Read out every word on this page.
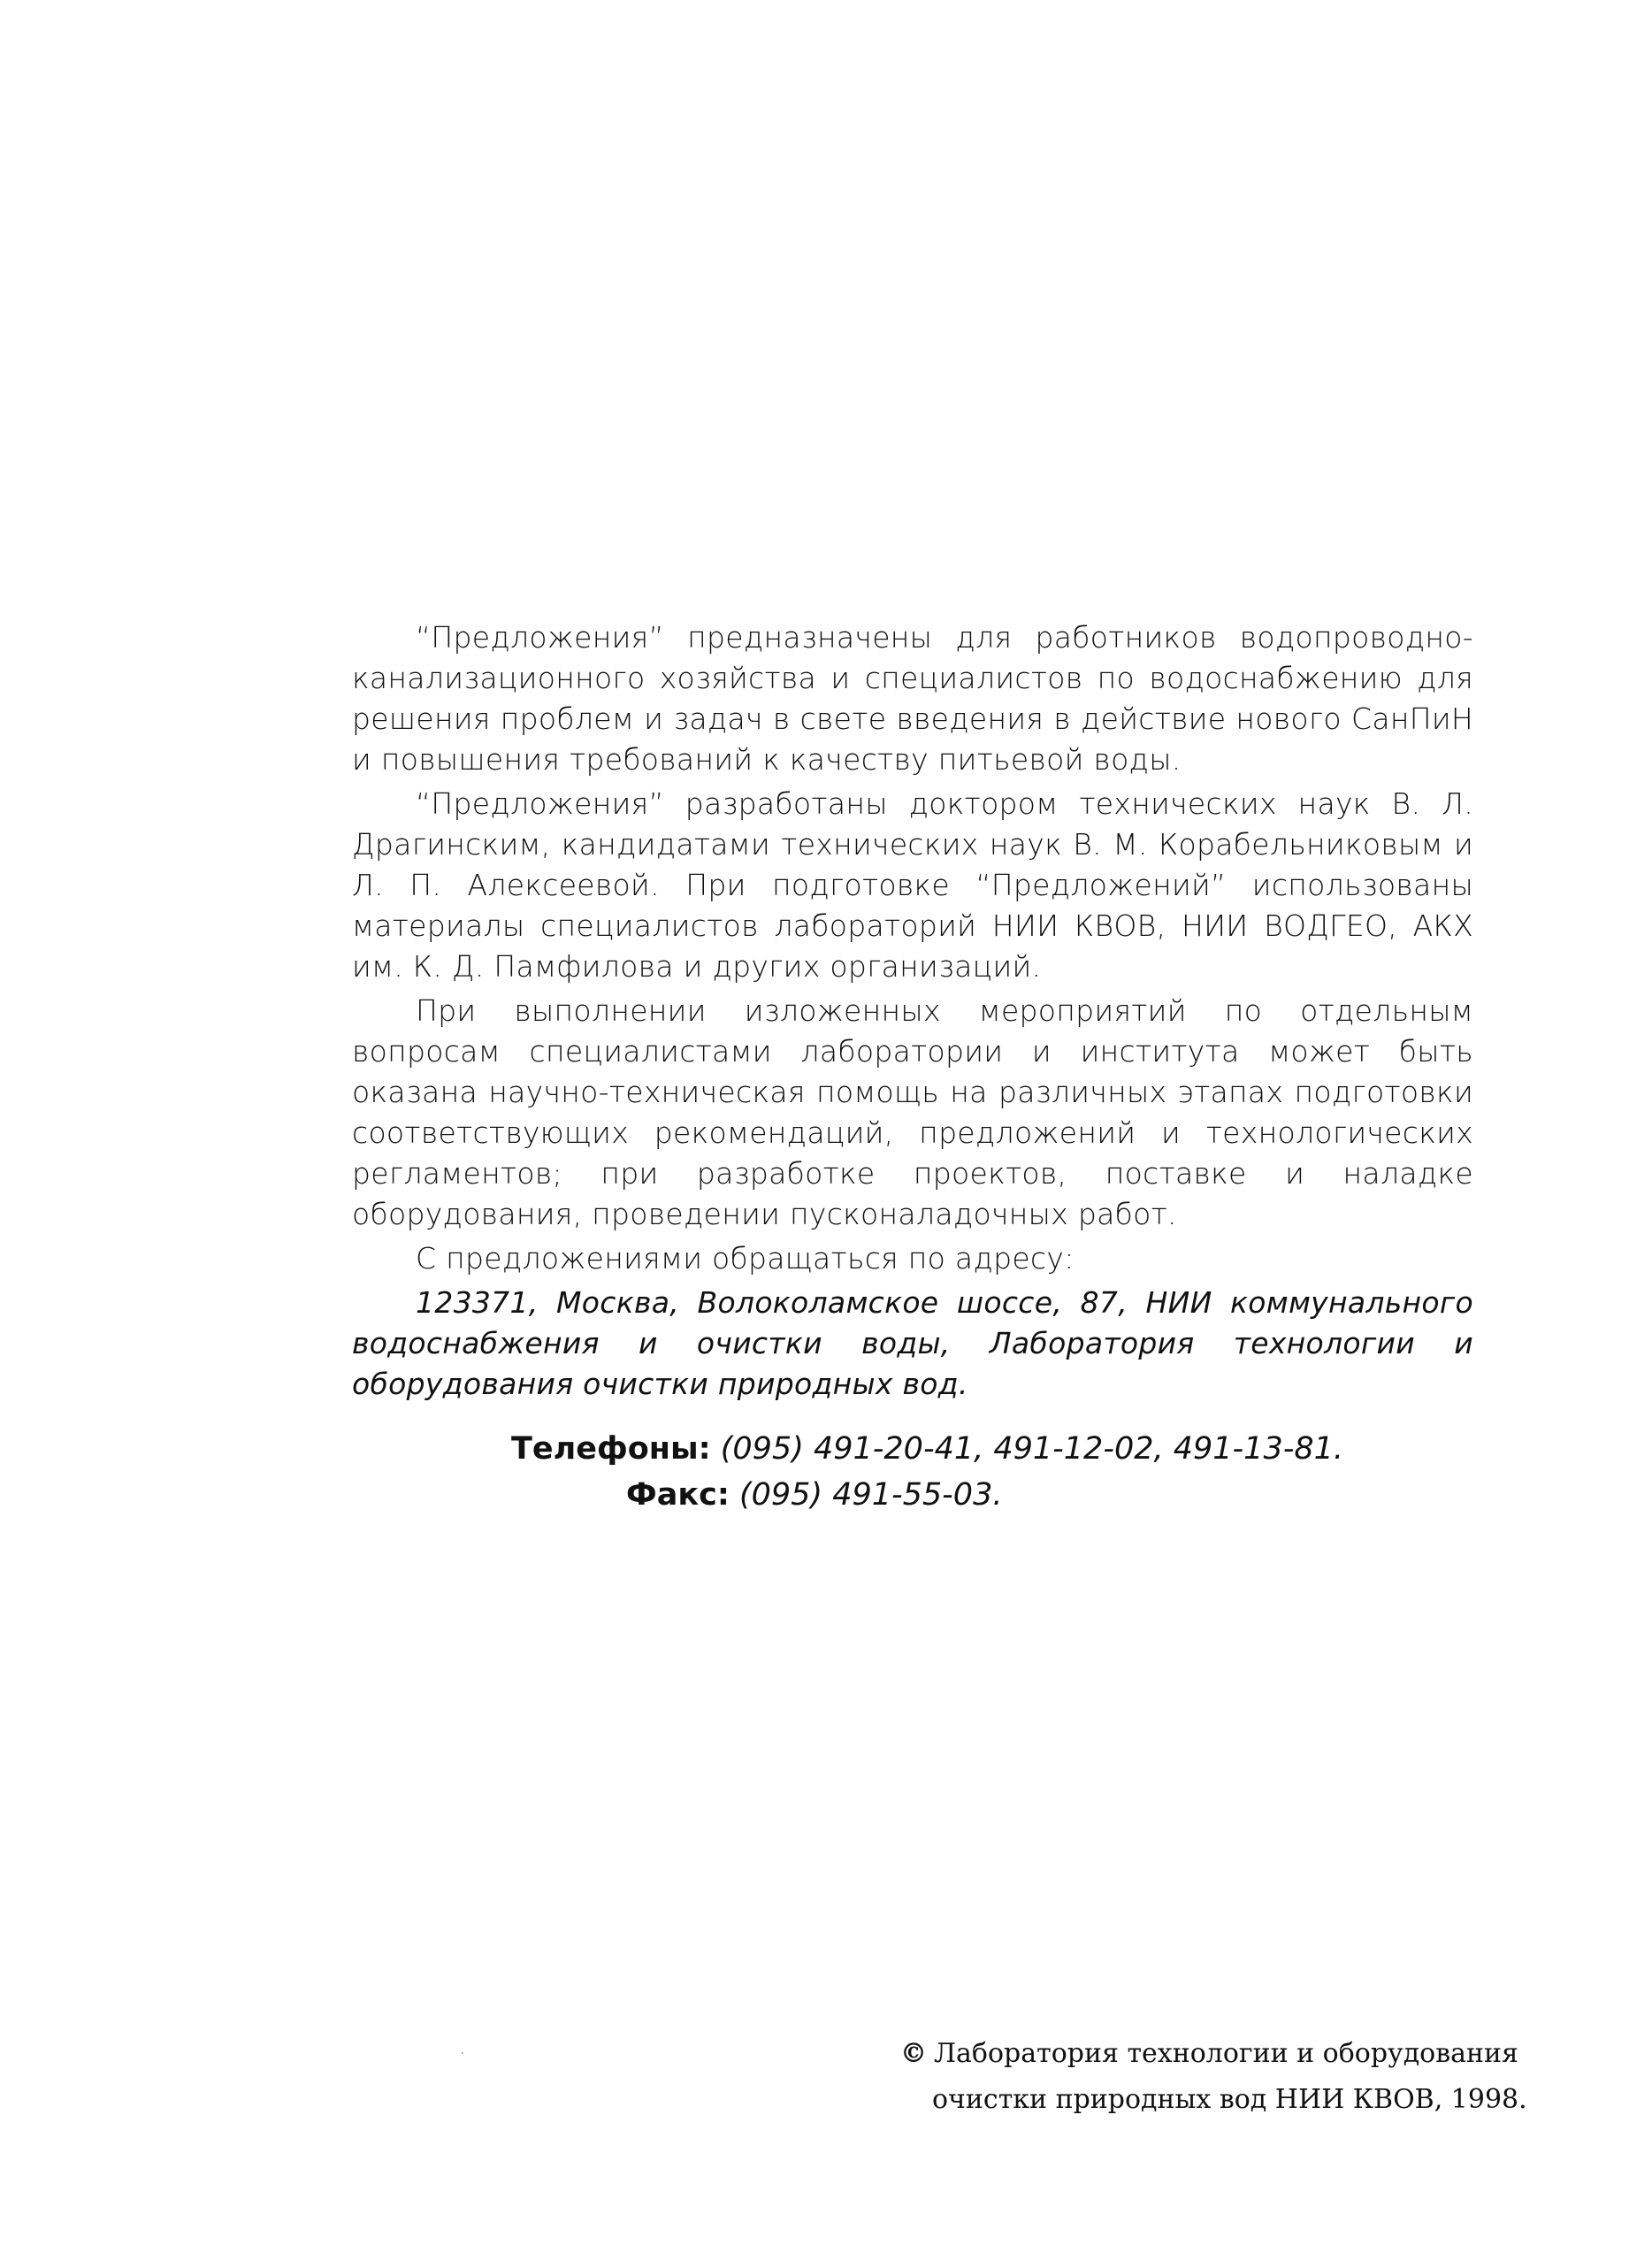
“Предложения” предназначены для работников водопроводно-канализационного хозяйства и специалистов по водоснабжению для решения проблем и задач в свете введения в действие нового СанПиН и повышения требований к качеству питьевой воды.

“Предложения” разработаны доктором технических наук В. Л. Драгинским, кандидатами технических наук В. М. Корабельниковым и Л. П. Алексеевой. При подготовке “Предложений” использованы материалы специалистов лабораторий НИИ КВОВ, НИИ ВОДГЕО, АКХ им. К. Д. Памфилова и других организаций.

При выполнении изложенных мероприятий по отдельным вопросам специалистами лаборатории и института может быть оказана научно-техническая помощь на различных этапах подготовки соответствующих рекомендаций, предложений и технологических регламентов; при разработке проектов, поставке и наладке оборудования, проведении пусконаладочных работ.

С предложениями обращаться по адресу:

123371, Москва, Волоколамское шоссе, 87, НИИ коммунального водоснабжения и очистки воды, Лаборатория технологии и оборудования очистки природных вод.

Телефоны: (095) 491-20-41, 491-12-02, 491-13-81.
Факс: (095) 491-55-03.
© Лаборатория технологии и оборудования
очистки природных вод НИИ КВОВ, 1998.
